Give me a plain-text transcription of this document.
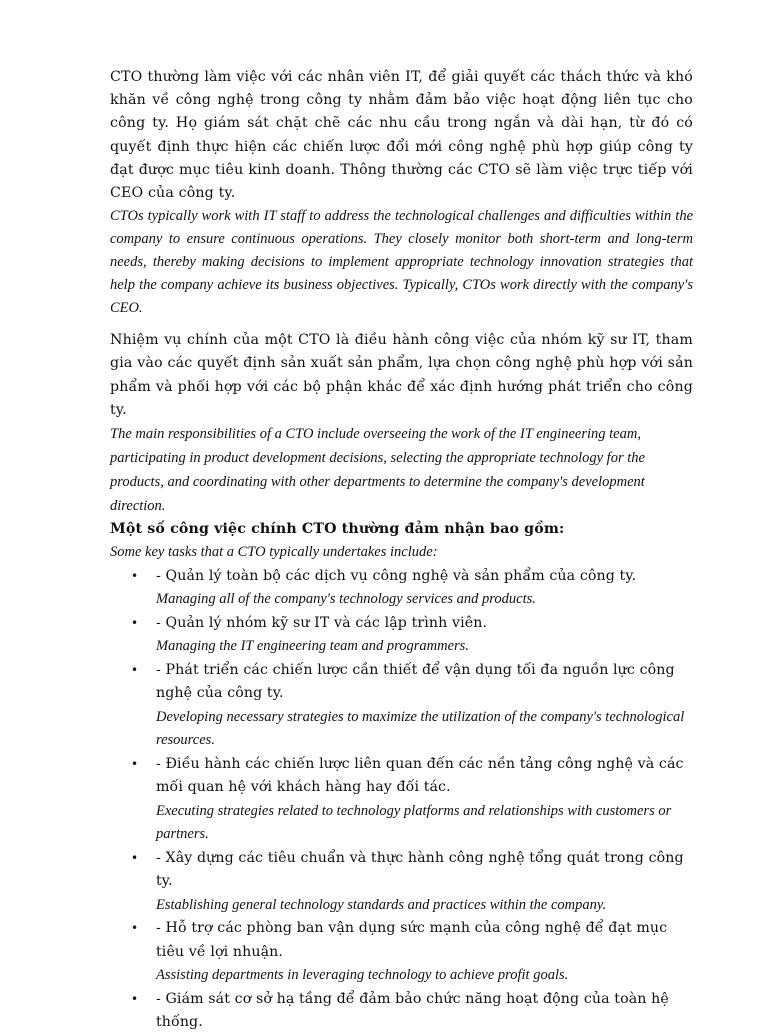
CTO thường làm việc với các nhân viên IT, để giải quyết các thách thức và khó khăn về công nghệ trong công ty nhằm đảm bảo việc hoạt động liên tục cho công ty. Họ giám sát chặt chẽ các nhu cầu trong ngắn và dài hạn, từ đó có quyết định thực hiện các chiến lược đổi mới công nghệ phù hợp giúp công ty đạt được mục tiêu kinh doanh. Thông thường các CTO sẽ làm việc trực tiếp với CEO của công ty.

CTOs typically work with IT staff to address the technological challenges and difficulties within the company to ensure continuous operations. They closely monitor both short-term and long-term needs, thereby making decisions to implement appropriate technology innovation strategies that help the company achieve its business objectives. Typically, CTOs work directly with the company's CEO.

Nhiệm vụ chính của một CTO là điều hành công việc của nhóm kỹ sư IT, tham gia vào các quyết định sản xuất sản phẩm, lựa chọn công nghệ phù hợp với sản phẩm và phối hợp với các bộ phận khác để xác định hướng phát triển cho công ty.

The main responsibilities of a CTO include overseeing the work of the IT engineering team, participating in product development decisions, selecting the appropriate technology for the products, and coordinating with other departments to determine the company's development direction.

Một số công việc chính CTO thường đảm nhận bao gồm:

Some key tasks that a CTO typically undertakes include:

• - Quản lý toàn bộ các dịch vụ công nghệ và sản phẩm của công ty.
Managing all of the company's technology services and products.
• - Quản lý nhóm kỹ sư IT và các lập trình viên.
Managing the IT engineering team and programmers.
• - Phát triển các chiến lược cần thiết để vận dụng tối đa nguồn lực công nghệ của công ty.
Developing necessary strategies to maximize the utilization of the company's technological resources.
• - Điều hành các chiến lược liên quan đến các nền tảng công nghệ và các mối quan hệ với khách hàng hay đối tác.
Executing strategies related to technology platforms and relationships with customers or partners.
• - Xây dựng các tiêu chuẩn và thực hành công nghệ tổng quát trong công ty.
Establishing general technology standards and practices within the company.
• - Hỗ trợ các phòng ban vận dụng sức mạnh của công nghệ để đạt mục tiêu về lợi nhuận.
Assisting departments in leveraging technology to achieve profit goals.
• - Giám sát cơ sở hạ tầng để đảm bảo chức năng hoạt động của toàn hệ thống.
